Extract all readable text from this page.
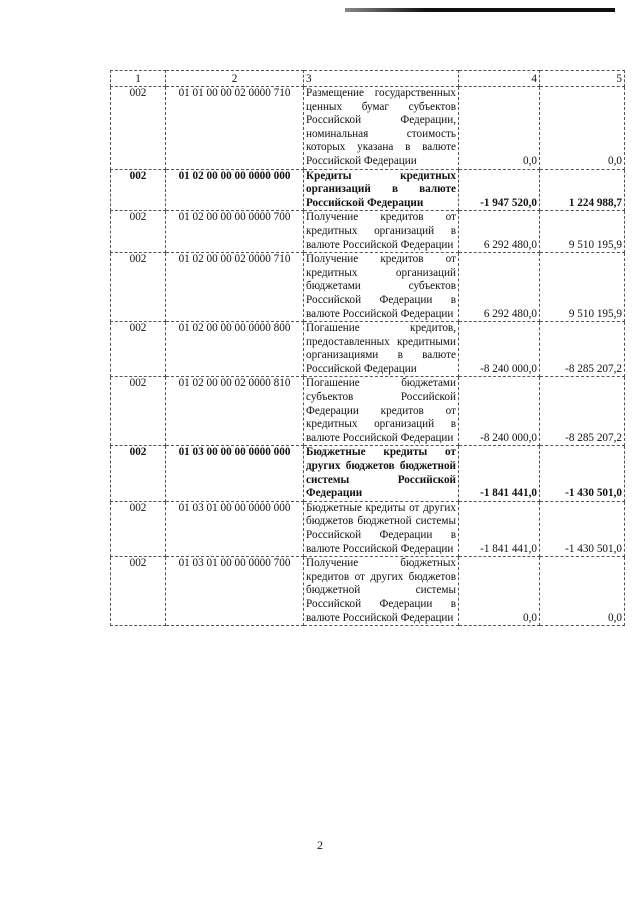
1	2	3	4	5
002	01 01 00 00 02 0000 710	Размещение государственных ценных бумаг субъектов Российской Федерации, номинальная стоимость которых указана в валюте Российской Федерации	0,0	0,0
002	01 02 00 00 00 0000 000	Кредиты кредитных организаций в валюте Российской Федерации	-1 947 520,0	1 224 988,7
002	01 02 00 00 00 0000 700	Получение кредитов от кредитных организаций в валюте Российской Федерации	6 292 480,0	9 510 195,9
002	01 02 00 00 02 0000 710	Получение кредитов от кредитных организаций бюджетами субъектов Российской Федерации в валюте Российской Федерации	6 292 480,0	9 510 195,9
002	01 02 00 00 00 0000 800	Погашение кредитов, предоставленных кредитными организациями в валюте Российской Федерации	-8 240 000,0	-8 285 207,2
002	01 02 00 00 02 0000 810	Погашение бюджетами субъектов Российской Федерации кредитов от кредитных организаций в валюте Российской Федерации	-8 240 000,0	-8 285 207,2
002	01 03 00 00 00 0000 000	Бюджетные кредиты от других бюджетов бюджетной системы Российской Федерации	-1 841 441,0	-1 430 501,0
002	01 03 01 00 00 0000 000	Бюджетные кредиты от других бюджетов бюджетной системы Российской Федерации в валюте Российской Федерации	-1 841 441,0	-1 430 501,0
002	01 03 01 00 00 0000 700	Получение бюджетных кредитов от других бюджетов бюджетной системы Российской Федерации в валюте Российской Федерации	0,0	0,0
2
